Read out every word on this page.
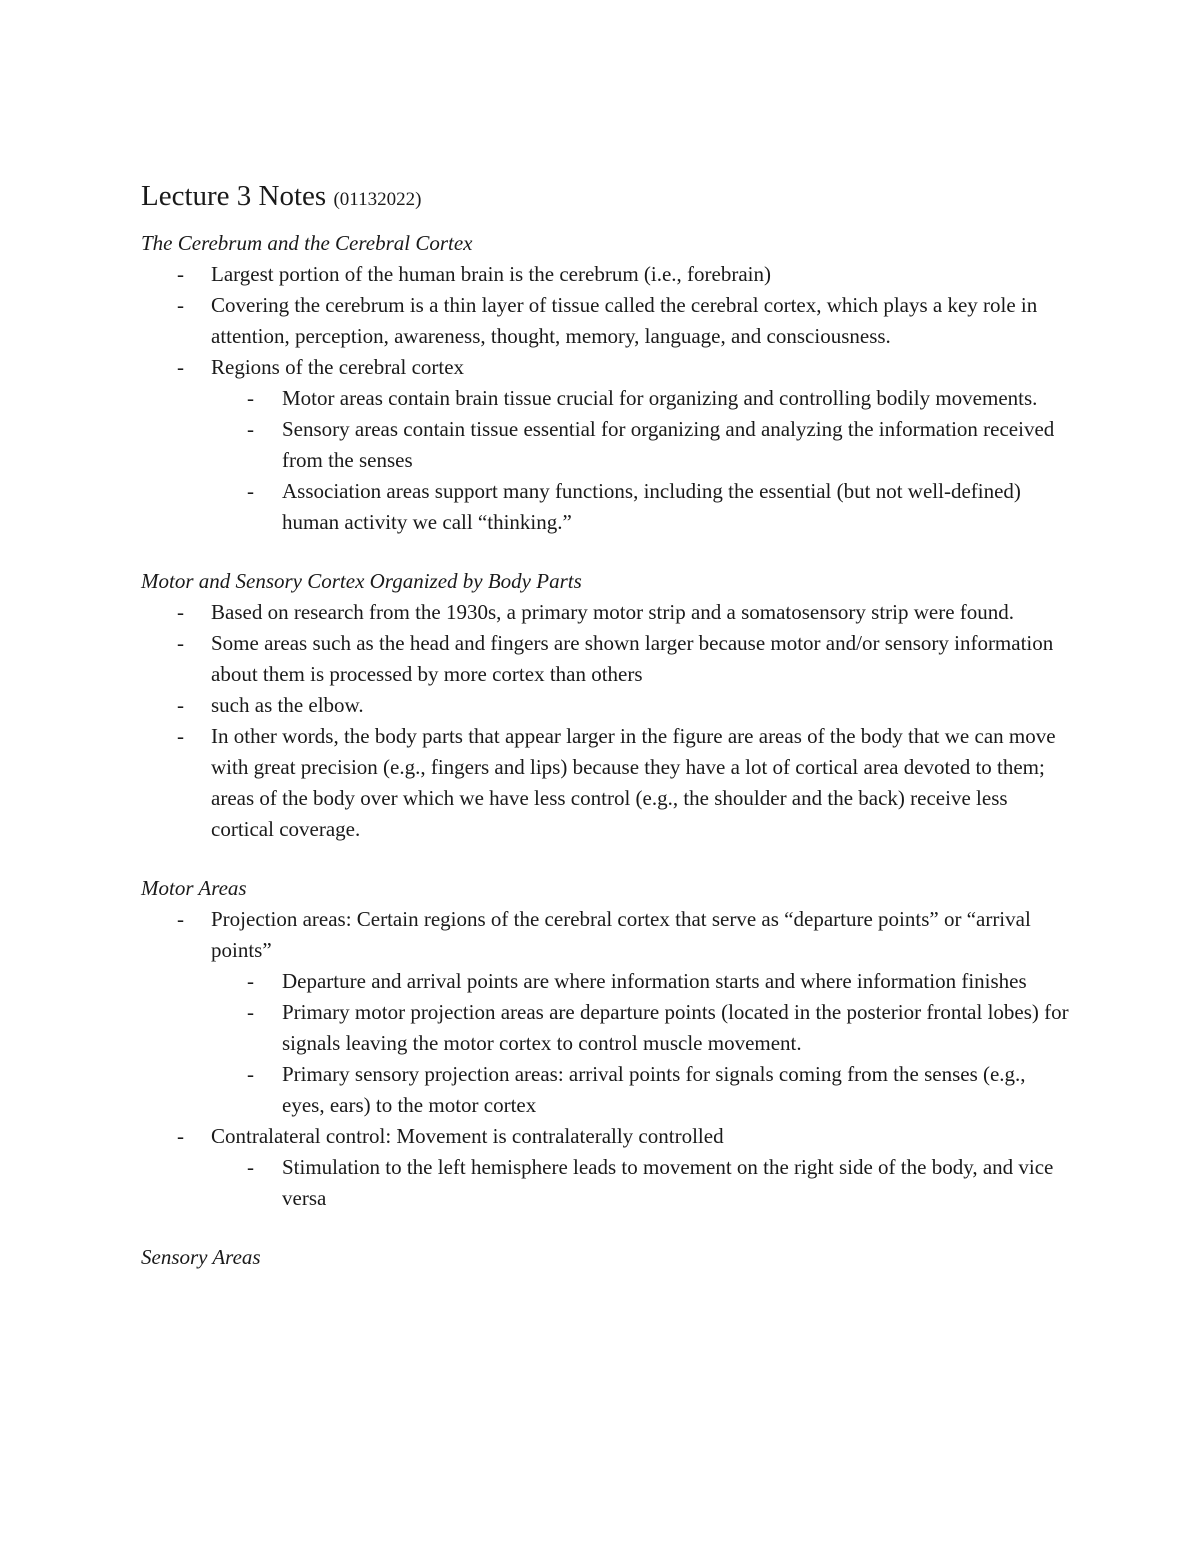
Lecture 3 Notes (01132022)
The Cerebrum and the Cerebral Cortex
- Largest portion of the human brain is the cerebrum (i.e., forebrain)
- Covering the cerebrum is a thin layer of tissue called the cerebral cortex, which plays a key role in attention, perception, awareness, thought, memory, language, and consciousness.
- Regions of the cerebral cortex
- Motor areas contain brain tissue crucial for organizing and controlling bodily movements.
- Sensory areas contain tissue essential for organizing and analyzing the information received from the senses
- Association areas support many functions, including the essential (but not well-defined) human activity we call “thinking.”
Motor and Sensory Cortex Organized by Body Parts
- Based on research from the 1930s, a primary motor strip and a somatosensory strip were found.
- Some areas such as the head and fingers are shown larger because motor and/or sensory information about them is processed by more cortex than others
- such as the elbow.
- In other words, the body parts that appear larger in the figure are areas of the body that we can move with great precision (e.g., fingers and lips) because they have a lot of cortical area devoted to them; areas of the body over which we have less control (e.g., the shoulder and the back) receive less cortical coverage.
Motor Areas
- Projection areas: Certain regions of the cerebral cortex that serve as “departure points” or “arrival points”
- Departure and arrival points are where information starts and where information finishes
- Primary motor projection areas are departure points (located in the posterior frontal lobes) for signals leaving the motor cortex to control muscle movement.
- Primary sensory projection areas: arrival points for signals coming from the senses (e.g., eyes, ears) to the motor cortex
- Contralateral control: Movement is contralaterally controlled
- Stimulation to the left hemisphere leads to movement on the right side of the body, and vice versa
Sensory Areas
